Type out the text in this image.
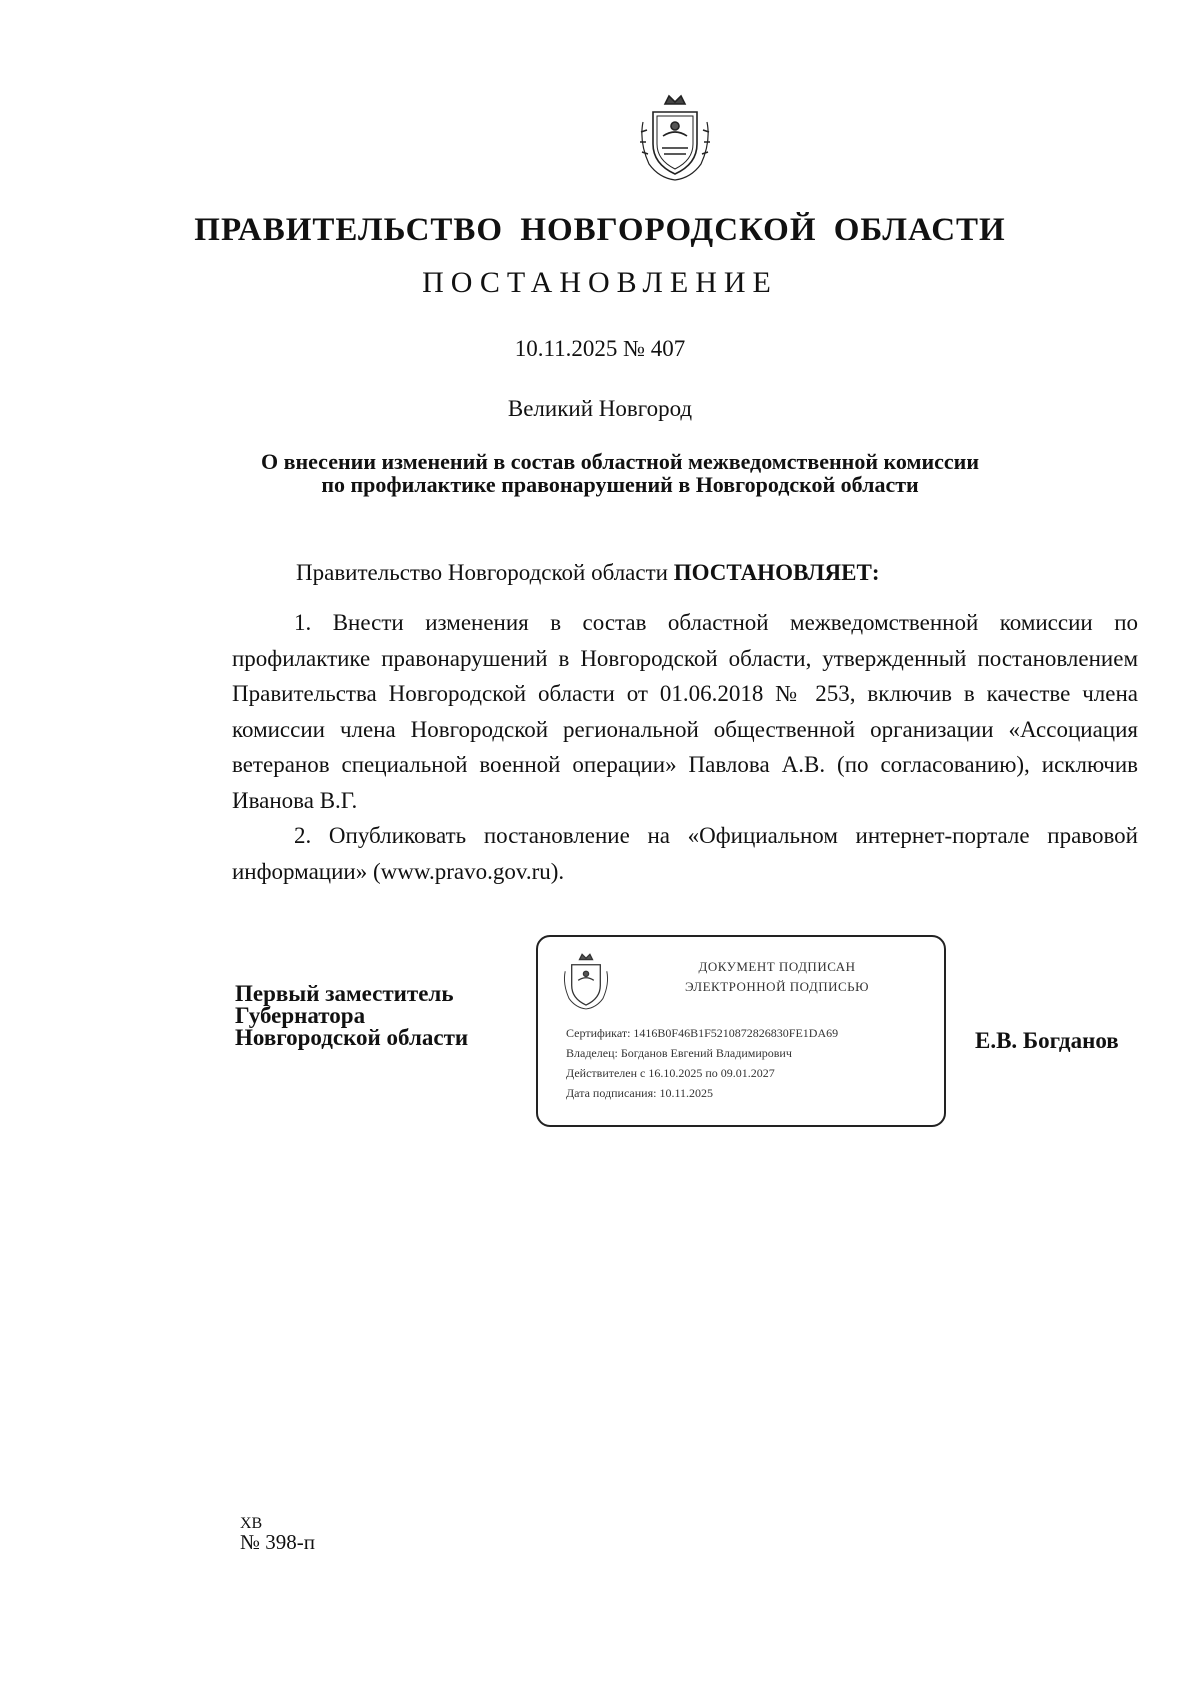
ПРАВИТЕЛЬСТВО НОВГОРОДСКОЙ ОБЛАСТИ
ПОСТАНОВЛЕНИЕ
10.11.2025 № 407
Великий Новгород
О внесении изменений в состав областной межведомственной комиссии
по профилактике правонарушений в Новгородской области
Правительство Новгородской области ПОСТАНОВЛЯЕТ:

1. Внести изменения в состав областной межведомственной комиссии по профилактике правонарушений в Новгородской области, утвержденный постановлением Правительства Новгородской области от 01.06.2018 № 253, включив в качестве члена комиссии члена Новгородской региональной общественной организации «Ассоциация ветеранов специальной военной операции» Павлова А.В. (по согласованию), исключив Иванова В.Г.

2. Опубликовать постановление на «Официальном интернет-портале правовой информации» (www.pravo.gov.ru).

Первый заместитель
Губернатора
Новгородской области
ДОКУМЕНТ ПОДПИСАН
ЭЛЕКТРОННОЙ ПОДПИСЬЮ
Сертификат: 1416B0F46B1F5210872826830FE1DA69
Владелец: Богданов Евгений Владимирович
Действителен с 16.10.2025 по 09.01.2027
Дата подписания: 10.11.2025
Е.В. Богданов
ХВ
№ 398-п
